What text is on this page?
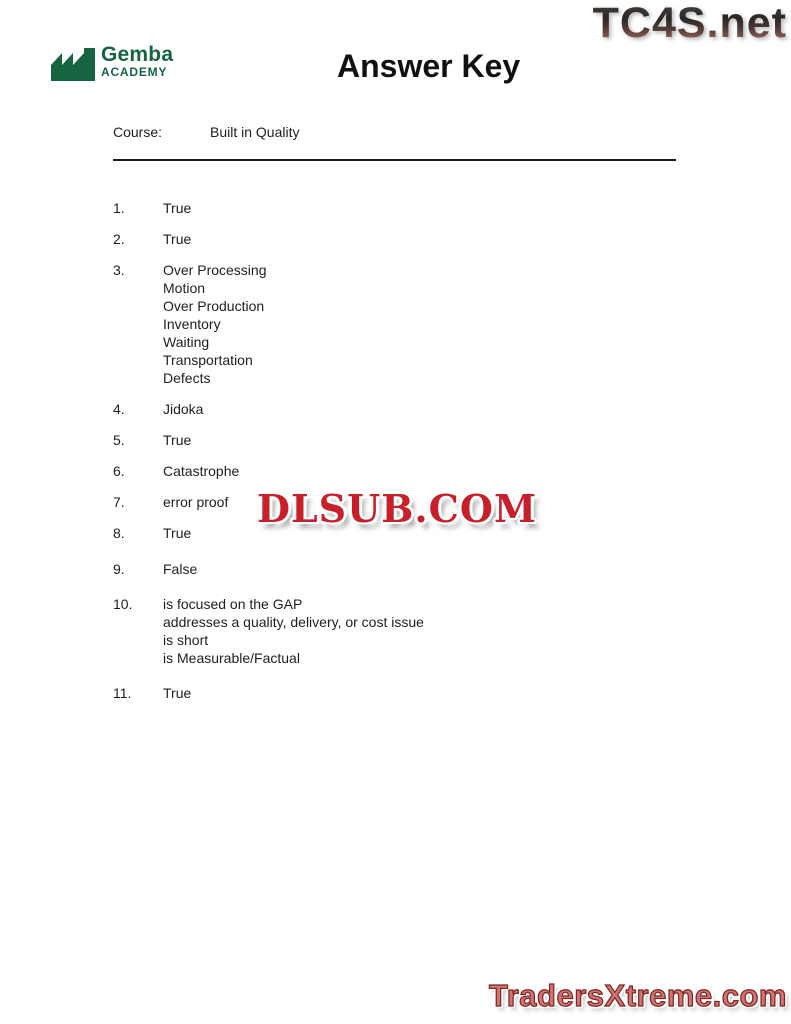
TC4S.net
Gemba
ACADEMY	Answer Key
Course:	Built in Quality
1.	True
2.	True
3.	Over Processing
Motion
Over Production
Inventory
Waiting
Transportation
Defects
4.	Jidoka
5.	True
6.	Catastrophe
7.	error proof
8.	True
9.	False
10.	is focused on the GAP
addresses a quality, delivery, or cost issue
is short
is Measurable/Factual
11.	True
DLSUB.COM
TradersXtreme.com
